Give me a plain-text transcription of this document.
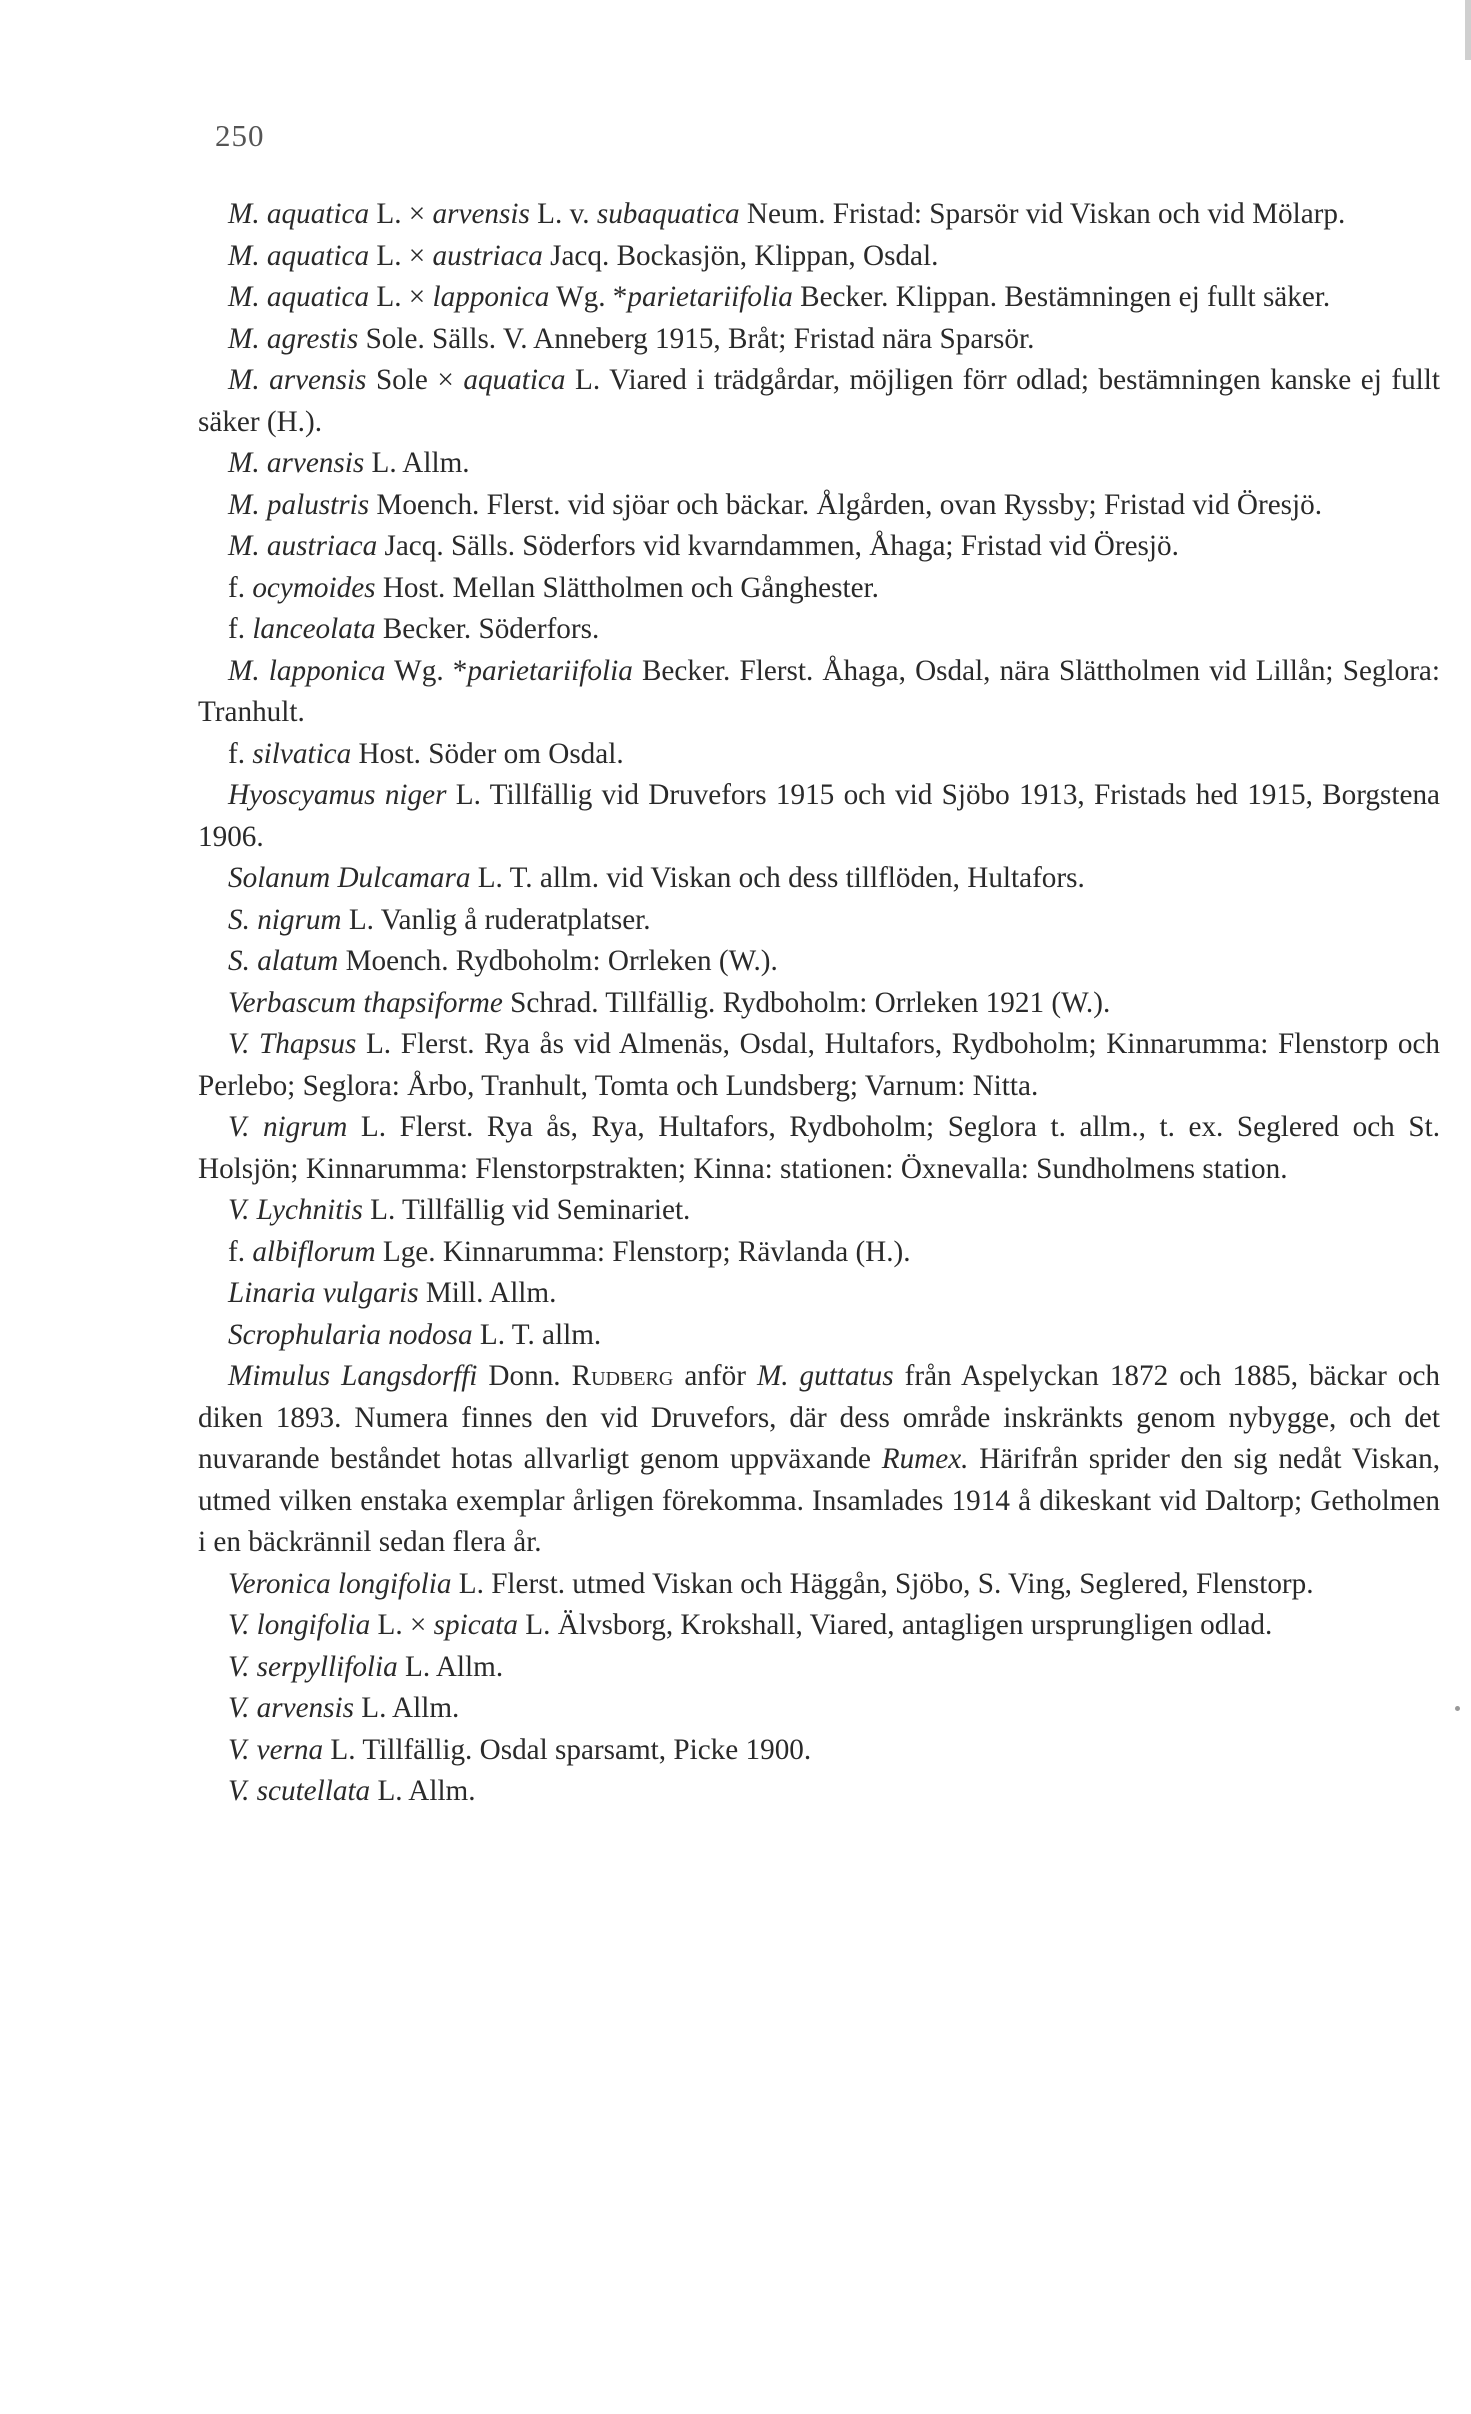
250

M. aquatica L. × arvensis L. v. subaquatica Neum. Fristad: Sparsör vid Viskan och vid Mölarp.

M. aquatica L. × austriaca Jacq. Bockasjön, Klippan, Osdal.

M. aquatica L. × lapponica Wg. *parietariifolia Becker. Klippan. Bestämningen ej fullt säker.

M. agrestis Sole. Sälls. V. Anneberg 1915, Bråt; Fristad nära Sparsör.

M. arvensis Sole × aquatica L. Viared i trädgårdar, möjligen förr odlad; bestämningen kanske ej fullt säker (H.).

M. arvensis L. Allm.

M. palustris Moench. Flerst. vid sjöar och bäckar. Ålgården, ovan Ryssby; Fristad vid Öresjö.

M. austriaca Jacq. Sälls. Söderfors vid kvarndammen, Åhaga; Fristad vid Öresjö.

f. ocymoides Host. Mellan Slättholmen och Gånghester.

f. lanceolata Becker. Söderfors.

M. lapponica Wg. *parietariifolia Becker. Flerst. Åhaga, Osdal, nära Slättholmen vid Lillån; Seglora: Tranhult.

f. silvatica Host. Söder om Osdal.

Hyoscyamus niger L. Tillfällig vid Druvefors 1915 och vid Sjöbo 1913, Fristads hed 1915, Borgstena 1906.

Solanum Dulcamara L. T. allm. vid Viskan och dess tillflöden, Hultafors.

S. nigrum L. Vanlig å ruderatplatser.

S. alatum Moench. Rydboholm: Orrleken (W.).

Verbascum thapsiforme Schrad. Tillfällig. Rydboholm: Orrleken 1921 (W.).

V. Thapsus L. Flerst. Rya ås vid Almenäs, Osdal, Hultafors, Rydboholm; Kinnarumma: Flenstorp och Perlebo; Seglora: Årbo, Tranhult, Tomta och Lundsberg; Varnum: Nitta.

V. nigrum L. Flerst. Rya ås, Rya, Hultafors, Rydboholm; Seglora t. allm., t. ex. Seglered och St. Holsjön; Kinnarumma: Flenstorpstrakten; Kinna: stationen: Öxnevalla: Sundholmens station.

V. Lychnitis L. Tillfällig vid Seminariet.

f. albiflorum Lge. Kinnarumma: Flenstorp; Rävlanda (H.).

Linaria vulgaris Mill. Allm.

Scrophularia nodosa L. T. allm.

Mimulus Langsdorffi Donn. Rudberg anför M. guttatus från Aspelyckan 1872 och 1885, bäckar och diken 1893. Numera finnes den vid Druvefors, där dess område inskränkts genom nybygge, och det nuvarande beståndet hotas allvarligt genom uppväxande Rumex. Härifrån sprider den sig nedåt Viskan, utmed vilken enstaka exemplar årligen förekomma. Insamlades 1914 å dikeskant vid Daltorp; Getholmen i en bäckrännil sedan flera år.

Veronica longifolia L. Flerst. utmed Viskan och Häggån, Sjöbo, S. Ving, Seglered, Flenstorp.

V. longifolia L. × spicata L. Älvsborg, Krokshall, Viared, antagligen ursprungligen odlad.

V. serpyllifolia L. Allm.

V. arvensis L. Allm.

V. verna L. Tillfällig. Osdal sparsamt, Picke 1900.

V. scutellata L. Allm.
